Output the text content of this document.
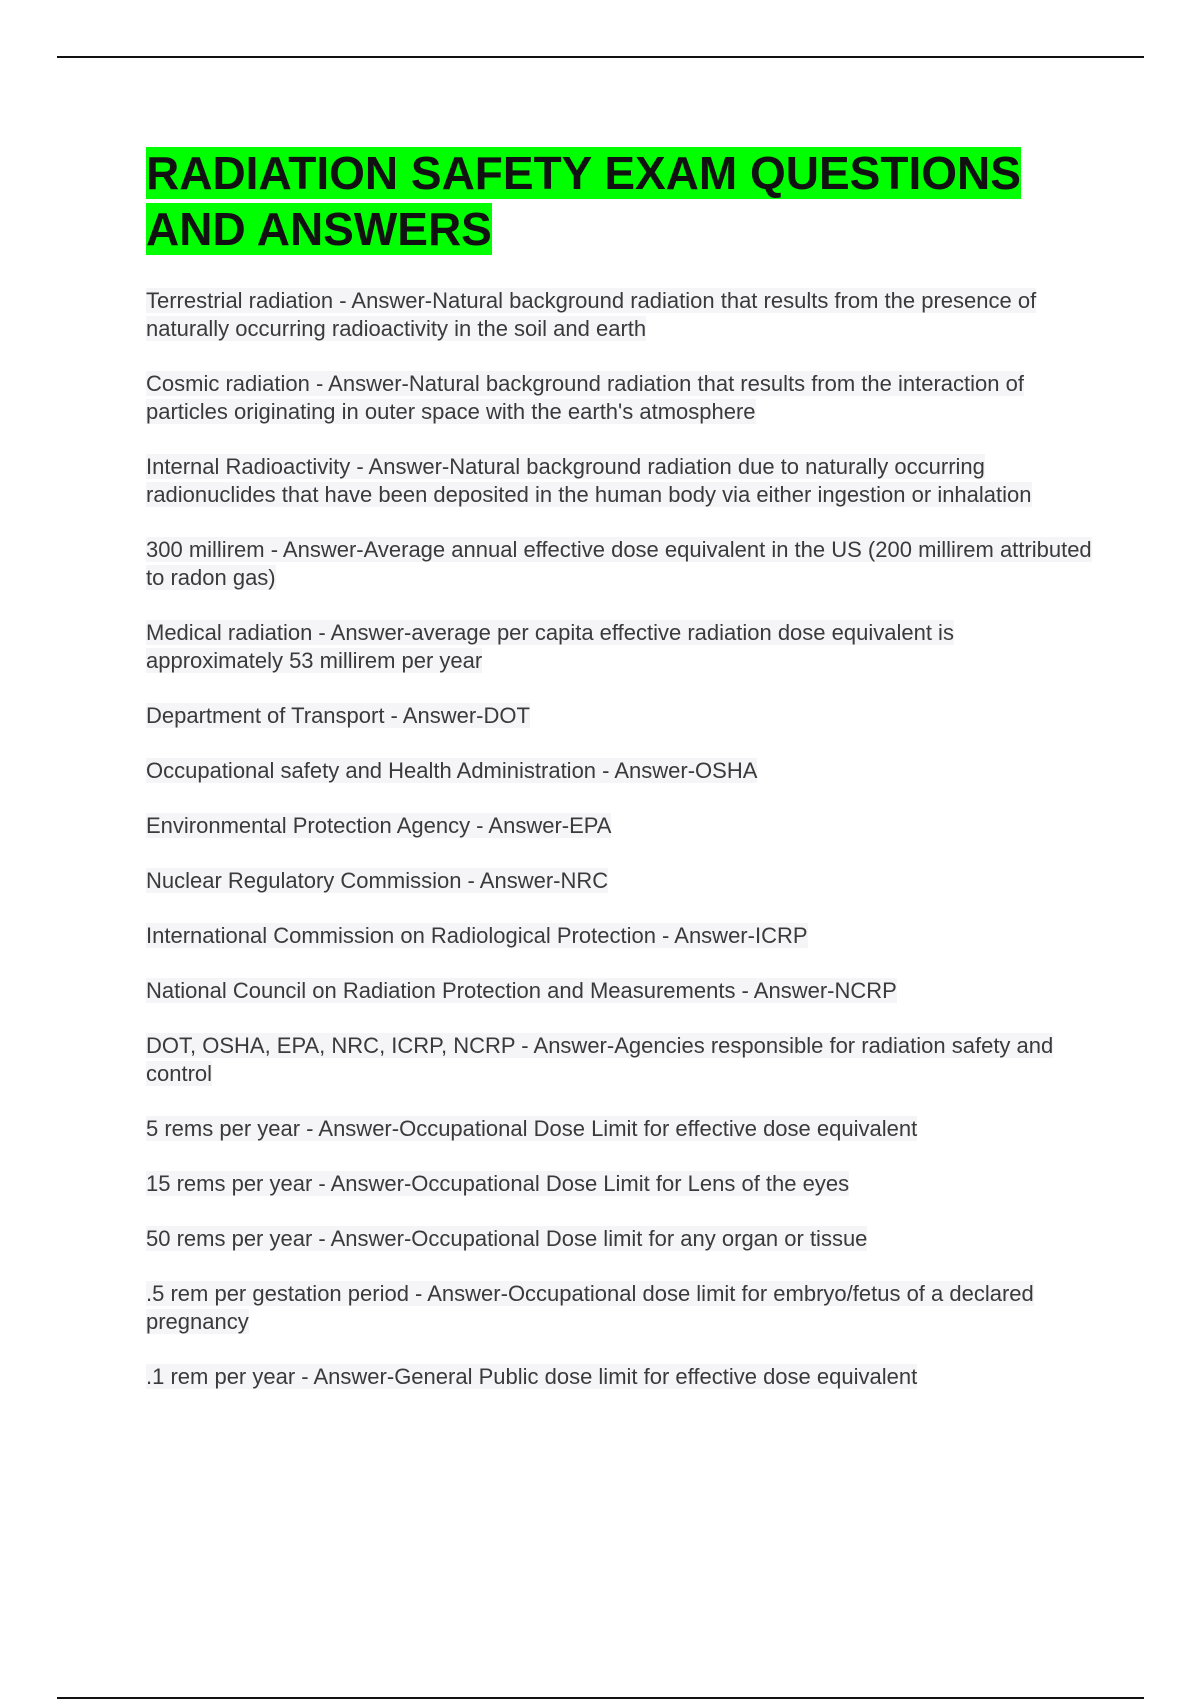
RADIATION SAFETY EXAM QUESTIONS AND ANSWERS

Terrestrial radiation - Answer-Natural background radiation that results from the presence of naturally occurring radioactivity in the soil and earth

Cosmic radiation - Answer-Natural background radiation that results from the interaction of particles originating in outer space with the earth's atmosphere

Internal Radioactivity - Answer-Natural background radiation due to naturally occurring radionuclides that have been deposited in the human body via either ingestion or inhalation

300 millirem - Answer-Average annual effective dose equivalent in the US (200 millirem attributed to radon gas)

Medical radiation - Answer-average per capita effective radiation dose equivalent is approximately 53 millirem per year

Department of Transport - Answer-DOT

Occupational safety and Health Administration - Answer-OSHA

Environmental Protection Agency - Answer-EPA

Nuclear Regulatory Commission - Answer-NRC

International Commission on Radiological Protection - Answer-ICRP

National Council on Radiation Protection and Measurements - Answer-NCRP

DOT, OSHA, EPA, NRC, ICRP, NCRP - Answer-Agencies responsible for radiation safety and control

5 rems per year - Answer-Occupational Dose Limit for effective dose equivalent

15 rems per year - Answer-Occupational Dose Limit for Lens of the eyes

50 rems per year - Answer-Occupational Dose limit for any organ or tissue

.5 rem per gestation period - Answer-Occupational dose limit for embryo/fetus of a declared pregnancy

.1 rem per year - Answer-General Public dose limit for effective dose equivalent
